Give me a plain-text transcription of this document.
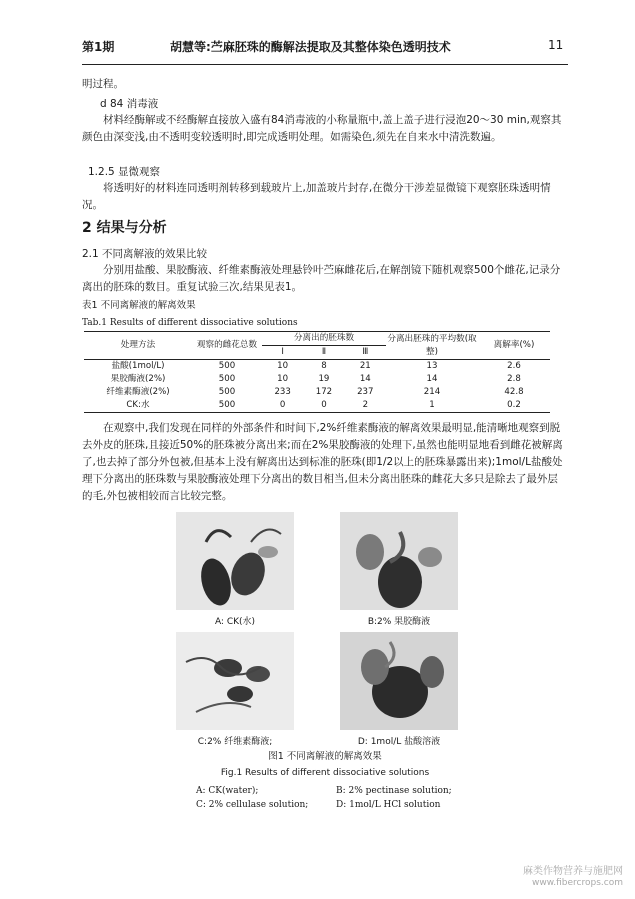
第1期	胡慧等:苎麻胚珠的酶解法提取及其整体染色透明技术	11
明过程。
d 84 消毒液
材料经酶解或不经酶解直接放入盛有84消毒液的小称量瓶中,盖上盖子进行浸泡20～30 min,观察其颜色由深变浅,由不透明变较透明时,即完成透明处理。如需染色,须先在自来水中清洗数遍。
1.2.5 显微观察
将透明好的材料连同透明剂转移到载玻片上,加盖玻片封存,在微分干涉差显微镜下观察胚珠透明情况。
2 结果与分析
2.1 不同离解液的效果比较
分别用盐酸、果胶酶液、纤维素酶液处理悬铃叶苎麻雌花后,在解剖镜下随机观察500个雌花,记录分离出的胚珠的数目。重复试验三次,结果见表1。
表1 不同离解液的解离效果
Tab.1 Results of different dissociative solutions
处理方法	观察的雌花总数	分离出的胚珠数			分离出胚珠的平均数(取整)	离解率(%)
		Ⅰ	Ⅱ	Ⅲ		
盐酸(1mol/L)	500	10	8	21	13	2.6
果胶酶液(2%)	500	10	19	14	14	2.8
纤维素酶液(2%)	500	233	172	237	214	42.8
CK:水	500	0	0	2	1	0.2
在观察中,我们发现在同样的外部条件和时间下,2%纤维素酶液的解离效果最明显,能清晰地观察到脱去外皮的胚珠,且接近50%的胚珠被分离出来;而在2%果胶酶液的处理下,虽然也能明显地看到雌花被解离了,也去掉了部分外包被,但基本上没有解离出达到标准的胚珠(即1/2以上的胚珠暴露出来);1mol/L盐酸处理下分离出的胚珠数与果胶酶液处理下分离出的数目相当,但未分离出胚珠的雌花大多只是除去了最外层的毛,外包被相较而言比较完整。
A: CK(水)	B:2% 果胶酶液
C:2% 纤维素酶液;	D: 1mol/L 盐酸溶液
图1 不同离解液的解离效果
Fig.1 Results of different dissociative solutions
A: CK(water);	B: 2% pectinase solution;
C: 2% cellulase solution;	D: 1mol/L HCl solution
麻类作物营养与施肥网
www.fibercrops.com
